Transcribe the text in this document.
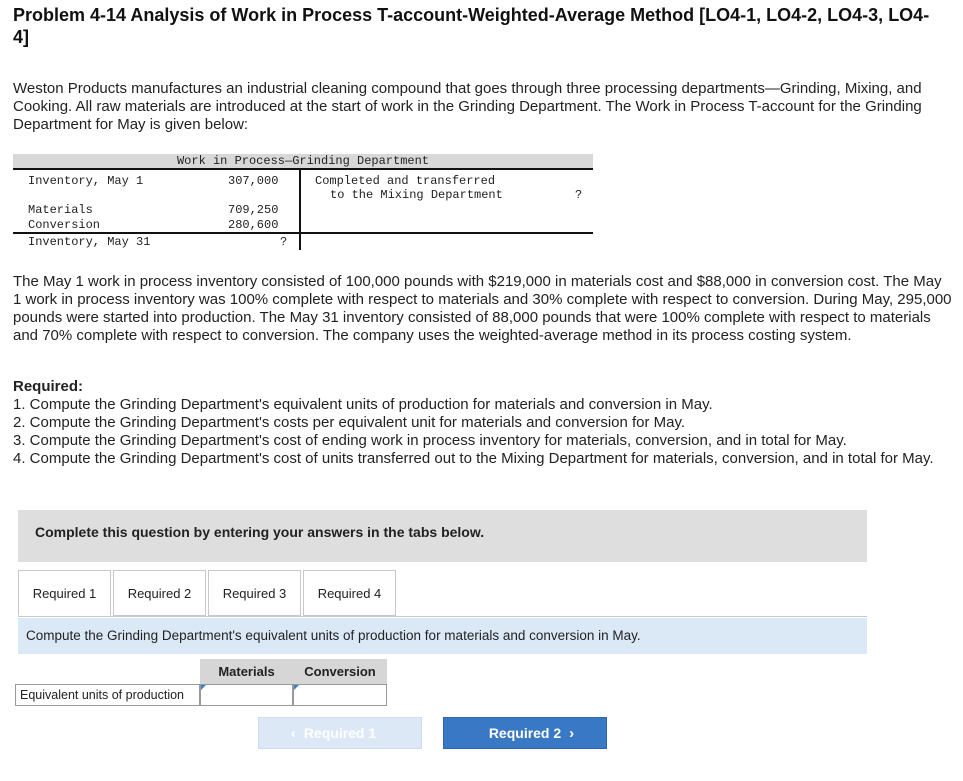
Problem 4-14 Analysis of Work in Process T-account-Weighted-Average Method [LO4-1, LO4-2, LO4-3, LO4-4]

Weston Products manufactures an industrial cleaning compound that goes through three processing departments—Grinding, Mixing, and Cooking. All raw materials are introduced at the start of work in the Grinding Department. The Work in Process T-account for the Grinding Department for May is given below:

Work in Process—Grinding Department
Inventory, May 1	307,000
Materials	709,250
Conversion	280,600
Inventory, May 31	?
Completed and transferred
to the Mixing Department	?

The May 1 work in process inventory consisted of 100,000 pounds with $219,000 in materials cost and $88,000 in conversion cost. The May 1 work in process inventory was 100% complete with respect to materials and 30% complete with respect to conversion. During May, 295,000 pounds were started into production. The May 31 inventory consisted of 88,000 pounds that were 100% complete with respect to materials and 70% complete with respect to conversion. The company uses the weighted-average method in its process costing system.

Required:
1. Compute the Grinding Department's equivalent units of production for materials and conversion in May.
2. Compute the Grinding Department's costs per equivalent unit for materials and conversion for May.
3. Compute the Grinding Department's cost of ending work in process inventory for materials, conversion, and in total for May.
4. Compute the Grinding Department's cost of units transferred out to the Mixing Department for materials, conversion, and in total for May.
Complete this question by entering your answers in the tabs below.
Required 1	Required 2	Required 3	Required 4
Compute the Grinding Department's equivalent units of production for materials and conversion in May.
Materials	Conversion
Equivalent units of production
‹ Required 1	Required 2 ›
